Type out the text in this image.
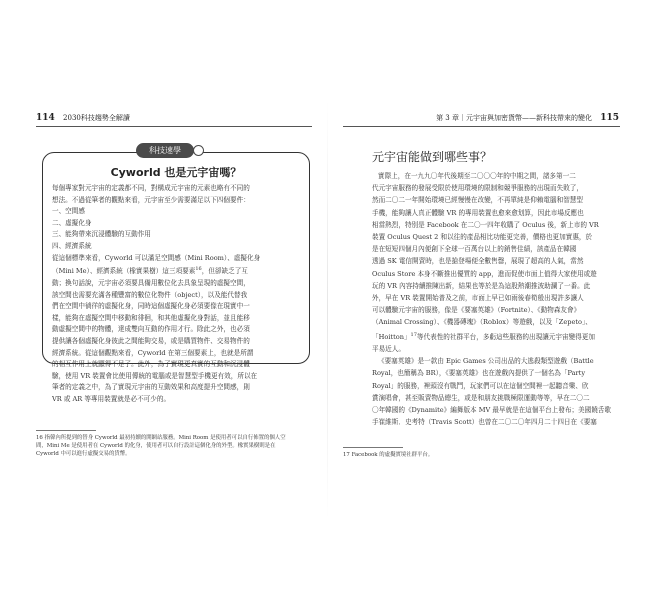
114 2030科技趨勢全解讀
科技速學
Cyworld 也是元宇宙嗎？

每個專家對元宇宙的定義都不同，對構成元宇宙的元素也略有不同的

想法。不過從筆者的觀點來看，元宇宙至少需要滿足以下四個要件：

一、空間感

二、虛擬化身

三、能夠帶來沉浸體驗的互動作用

四、經濟系統

從這個標準來看，Cyworld 可以滿足空間感（Mini Room）、虛擬化身

（Mini Me）、經濟系統（橡實果樹）這三項要素$^{16}$，但卻缺乏了互

動；換句話說，元宇宙必須要具備用數位化去具象呈現的虛擬空間，

該空間也需要充滿各種豐富的數位化物件（object），以及能代替我

們在空間中徜徉的虛擬化身，同時這個虛擬化身必須要像在現實中一

樣，能夠在虛擬空間中移動和徘徊，和其他虛擬化身對話，並且能移

動虛擬空間中的物體，達成雙向互動的作用才行。除此之外，也必須

提供讓各個虛擬化身彼此之間能夠交易，或是購買物件、交易物件的

經濟系統。從這個觀點來看，Cyworld 在第三個要素上，也就是所謂

的相互作用上就顯得不足了。此外，為了實現更真實的互動和沉浸體

驗，使用 VR 裝置會比使用傳統的電腦或是智慧型手機更有效，所以在

筆者的定義之中，為了實現元宇宙的互動效果和高度提升空間感，則

VR 或 AR 等專用裝置就是必不可少的。

16 指韓內所提到的替身 Cyworld 最初持續的開網站服務。Mini Room 是使用者可以自行佈置的個人空

間，Mini Me 是使用者在 Cyworld 的化身，使用者可以自行設計這個化身的外型。橡實果樹則是在

Cyworld 中可以進行虛擬交易的貨幣。

第 3 章｜元宇宙與加密貨幣——新科技帶來的變化 115
元宇宙能做到哪些事？

實際上，在一九九〇年代後期至二〇〇〇年的中期之間，諸多第一二

代元宇宙服務的發展受限於使用環境的限制和競爭服務的出現而失敗了，

然而二〇二一年開始環境已經慢慢在改變，不再單純是仰賴電腦和智慧型

手機，能夠讓人真正體驗 VR 的專用裝置也愈來愈划算，因此市場反應也

相當熱烈，特別是 Facebook 在二〇一四年收購了 Oculus 後，新上市的 VR

裝置 Oculus Quest 2 和以往的產品相比功能更完善，價格也更加實惠，於

是在短短四個月內便創下全球一百萬台以上的銷售佳績，該產品在韓國

透過 SK 電信開賣時，也是搶登場便全數售罄，展現了超高的人氣，當然

Oculus Store 本身不斷推出優質的 app，進而促使市面上值得大家使用或遊

玩的 VR 內容持續推陳出新，結果也等於是為這股熱潮推波助瀾了一番。此

外，早在 VR 裝置開始普及之前，市面上早已如雨後春筍般出現許多讓人

可以體驗元宇宙的服務，像是《要塞英雄》（Fortnite）、《動物森友會》

（Animal Crossing）、《機器磚塊》（Roblox）等遊戲，以及「Zepeto」、

「Hoitton」$^{17}$等代表性的社群平台，多虧這些服務的出現讓元宇宙變得更加

平易近人。

《要塞英雄》是一款由 Epic Games 公司出品的大逃殺類型遊戲（Battle

Royal，也簡稱為 BR），《要塞英雄》也在遊戲內提供了一個名為「Party

Royal」的服務，裡頭沒有戰鬥，玩家們可以在這個空間裡一起聽音樂、欣

賞演唱會，甚至販賣物品總生，或是和朋友挑戰極限運動等等，早在二〇二

〇年韓國的《Dynamite》編舞版本 MV 最早就是在這個平台上發布；美國饒舌歌

手崔維斯．史考特（Travis Scott）也曾在二〇二〇年四月二十四日在《要塞

17 Facebook 的虛擬實境社群平台。
